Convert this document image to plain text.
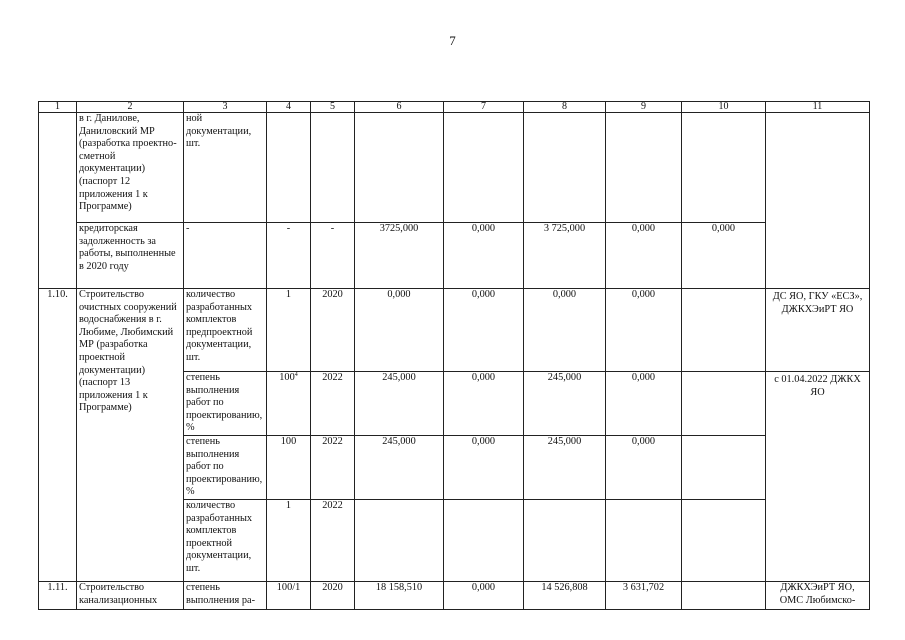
7
1	2	3	4	5	6	7	8	9	10	11
	в г. Данилове, Даниловский МР (разработка проектно-сметной документации) (паспорт 12 приложения 1 к Программе)	ной документации, шт.								
	кредиторская задолженность за работы, выполненные в 2020 году	-	-	-	3725,000	0,000	3 725,000	0,000	0,000	
1.10.	Строительство очистных сооружений водоснабжения в г. Любиме, Любимский МР (разработка проектной документации) (паспорт 13 приложения 1 к Программе)	количество разработанных комплектов предпроектной документации, шт.	1	2020	0,000	0,000	0,000	0,000		ДС ЯО, ГКУ «ЕСЗ», ДЖКХЭиРТ ЯО
		степень выполнения работ по проектированию, %	$100^4$	2022	245,000	0,000	245,000	0,000		с 01.04.2022 ДЖКХ ЯО
		степень выполнения работ по проектированию, %	100	2022	245,000	0,000	245,000	0,000		
		количество разработанных комплектов проектной документации, шт.	1	2022						
1.11.	Строительство канализационных	степень выполнения ра-	100/1	2020	18 158,510	0,000	14 526,808	3 631,702		ДЖКХЭиРТ ЯО, ОМС Любимско-
